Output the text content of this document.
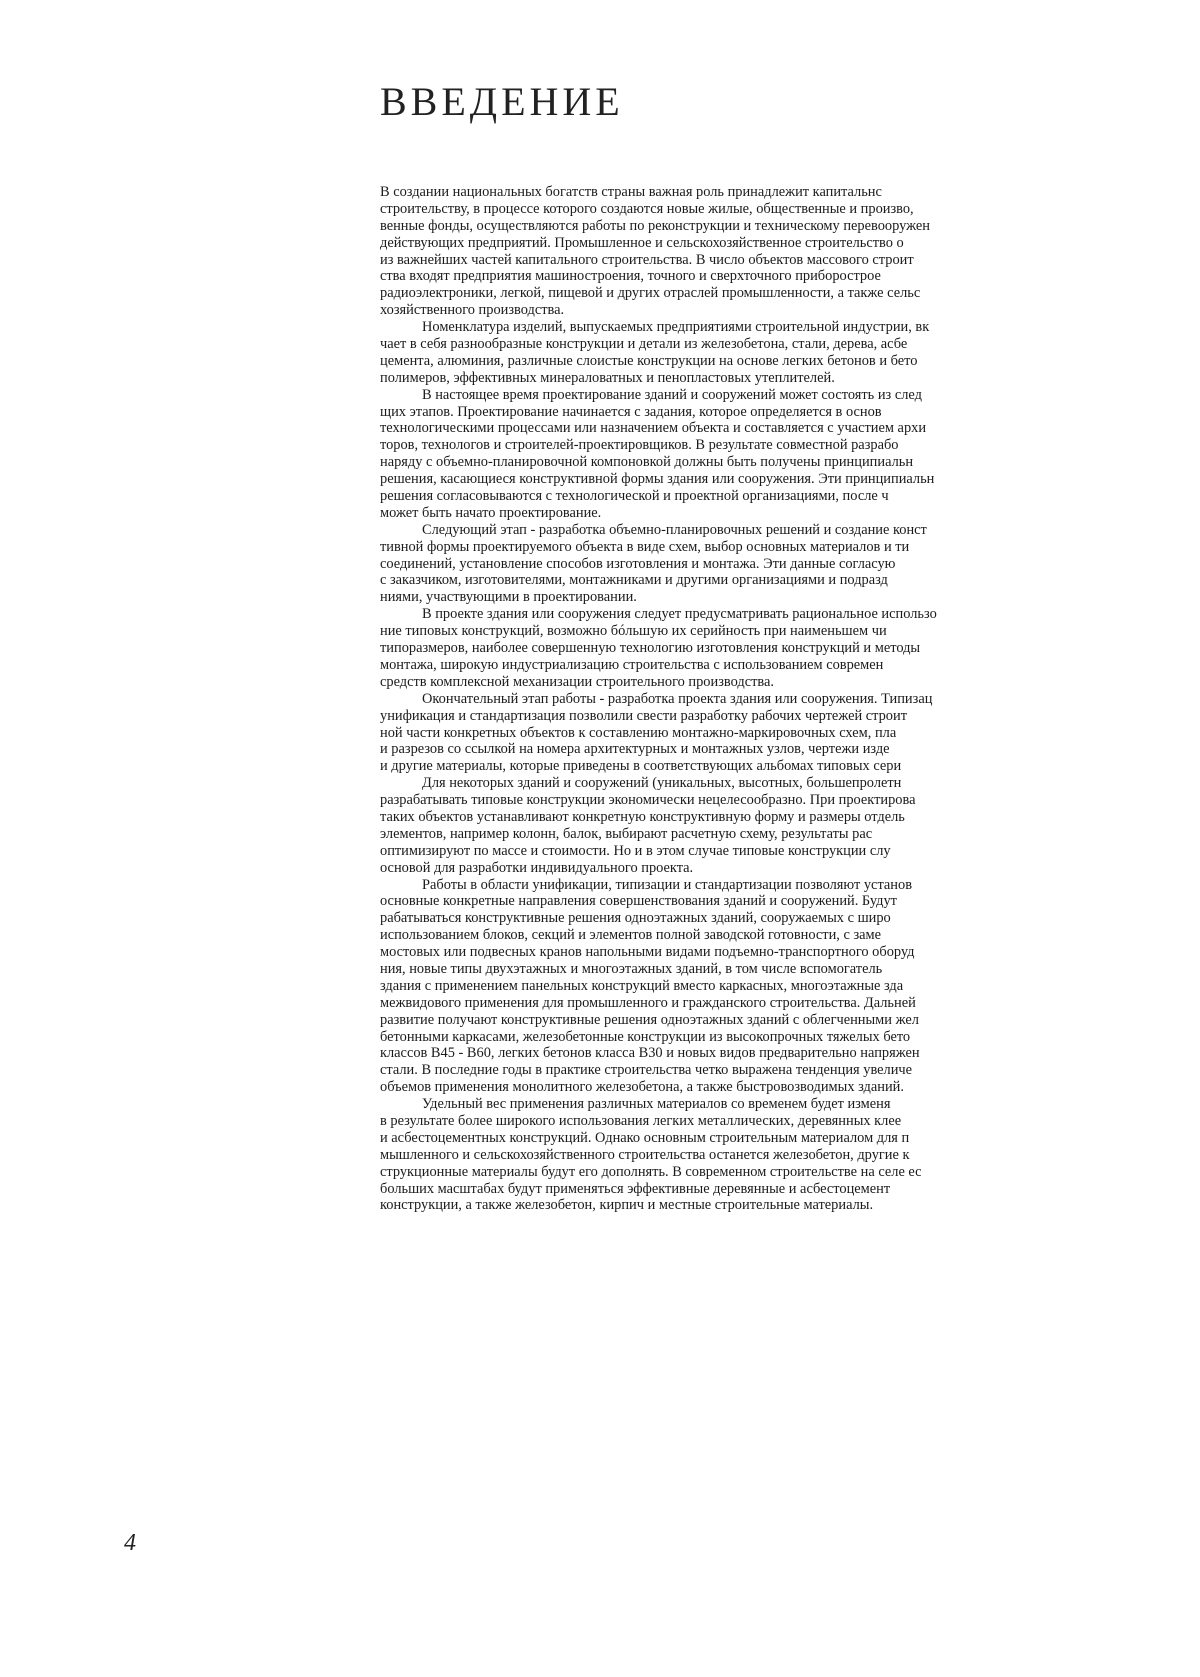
ВВЕДЕНИЕ
В создании национальных богатств страны важная роль принадлежит капитальнс
строительству, в процессе которого создаются новые жилые, общественные и произво,
венные фонды, осуществляются работы по реконструкции и техническому перевооружен
действующих предприятий. Промышленное и сельскохозяйственное строительство о
из важнейших частей капитального строительства. В число объектов массового строит
ства входят предприятия машиностроения, точного и сверхточного приборострое
радиоэлектроники, легкой, пищевой и других отраслей промышленности, а также сельс
хозяйственного производства.
Номенклатура изделий, выпускаемых предприятиями строительной индустрии, вк
чает в себя разнообразные конструкции и детали из железобетона, стали, дерева, асбе
цемента, алюминия, различные слоистые конструкции на основе легких бетонов и бето
полимеров, эффективных минераловатных и пенопластовых утеплителей.
В настоящее время проектирование зданий и сооружений может состоять из след
щих этапов. Проектирование начинается с задания, которое определяется в основ
технологическими процессами или назначением объекта и составляется с участием архи
торов, технологов и строителей-проектировщиков. В результате совместной разрабо
наряду с объемно-планировочной компоновкой должны быть получены принципиальн
решения, касающиеся конструктивной формы здания или сооружения. Эти принципиальн
решения согласовываются с технологической и проектной организациями, после ч
может быть начато проектирование.
Следующий этап - разработка объемно-планировочных решений и создание конст
тивной формы проектируемого объекта в виде схем, выбор основных материалов и ти
соединений, установление способов изготовления и монтажа. Эти данные согласую
с заказчиком, изготовителями, монтажниками и другими организациями и подразд
ниями, участвующими в проектировании.
В проекте здания или сооружения следует предусматривать рациональное использо
ние типовых конструкций, возможно бóльшую их серийность при наименьшем чи
типоразмеров, наиболее совершенную технологию изготовления конструкций и методы
монтажа, широкую индустриализацию строительства с использованием современ
средств комплексной механизации строительного производства.
Окончательный этап работы - разработка проекта здания или сооружения. Типизац
унификация и стандартизация позволили свести разработку рабочих чертежей строит
ной части конкретных объектов к составлению монтажно-маркировочных схем, пла
и разрезов со ссылкой на номера архитектурных и монтажных узлов, чертежи изде
и другие материалы, которые приведены в соответствующих альбомах типовых сери
Для некоторых зданий и сооружений (уникальных, высотных, большепролетн
разрабатывать типовые конструкции экономически нецелесообразно. При проектирова
таких объектов устанавливают конкретную конструктивную форму и размеры отдель
элементов, например колонн, балок, выбирают расчетную схему, результаты рас
оптимизируют по массе и стоимости. Но и в этом случае типовые конструкции слу
основой для разработки индивидуального проекта.
Работы в области унификации, типизации и стандартизации позволяют установ
основные конкретные направления совершенствования зданий и сооружений. Будут
рабатываться конструктивные решения одноэтажных зданий, сооружаемых с широ
использованием блоков, секций и элементов полной заводской готовности, с заме
мостовых или подвесных кранов напольными видами подъемно-транспортного оборуд
ния, новые типы двухэтажных и многоэтажных зданий, в том числе вспомогатель
здания с применением панельных конструкций вместо каркасных, многоэтажные зда
межвидового применения для промышленного и гражданского строительства. Дальней
развитие получают конструктивные решения одноэтажных зданий с облегченными жел
бетонными каркасами, железобетонные конструкции из высокопрочных тяжелых бето
классов В45 - В60, легких бетонов класса В30 и новых видов предварительно напряжен
стали. В последние годы в практике строительства четко выражена тенденция увеличе
объемов применения монолитного железобетона, а также быстровозводимых зданий.
Удельный вес применения различных материалов со временем будет изменя
в результате более широкого использования легких металлических, деревянных клее
и асбестоцементных конструкций. Однако основным строительным материалом для п
мышленного и сельскохозяйственного строительства останется железобетон, другие к
струкционные материалы будут его дополнять. В современном строительстве на селе ес
больших масштабах будут применяться эффективные деревянные и асбестоцемент
конструкции, а также железобетон, кирпич и местные строительные материалы.
4
